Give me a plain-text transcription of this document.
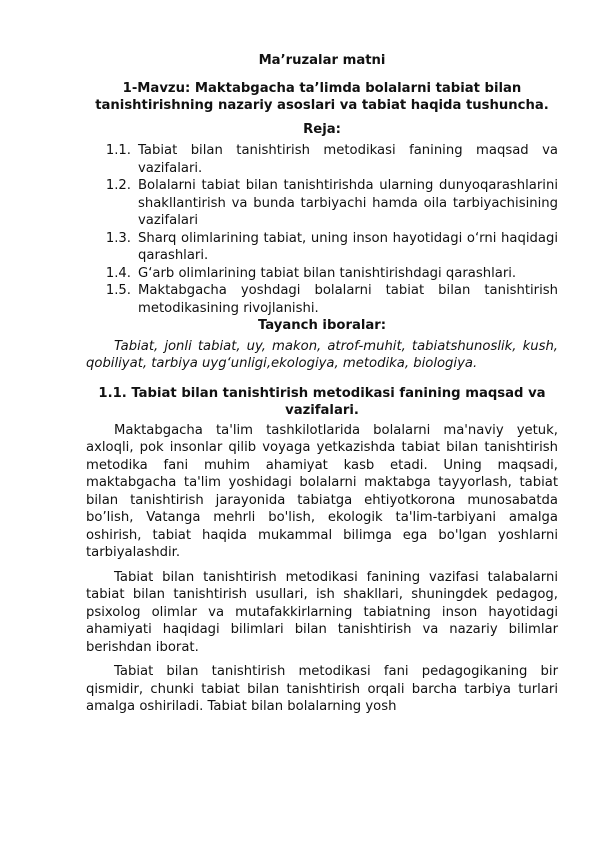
Ma’ruzalar matni
1-Mavzu: Maktabgacha ta’limda bolalarni tabiat bilan tanishtirishning nazariy asoslari va tabiat haqida tushuncha.
Reja:
1.1. Tabiat bilan tanishtirish metodikasi fanining maqsad va vazifalari.
1.2. Bolalarni tabiat bilan tanishtirishda ularning dunyoqarashlarini shakllantirish va bunda tarbiyachi hamda oila tarbiyachisining vazifalari
1.3. Sharq olimlarining tabiat, uning inson hayotidagi o‘rni haqidagi qarashlari.
1.4. G‘arb olimlarining tabiat bilan tanishtirishdagi qarashlari.
1.5. Maktabgacha yoshdagi bolalarni tabiat bilan tanishtirish metodikasining rivojlanishi.
Tayanch iboralar:

Tabiat, jonli tabiat, uy, makon, atrof-muhit, tabiatshunoslik, kush, qobiliyat, tarbiya uyg‘unligi,ekologiya, metodika, biologiya.

1.1. Tabiat bilan tanishtirish metodikasi fanining maqsad va vazifalari.

Maktabgacha ta'lim tashkilotlarida bolalarni ma'naviy yetuk, axloqli, pok insonlar qilib voyaga yetkazishda tabiat bilan tanishtirish metodika fani muhim ahamiyat kasb etadi. Uning maqsadi, maktabgacha ta'lim yoshidagi bolalarni maktabga tayyorlash, tabiat bilan tanishtirish jarayonida tabiatga ehtiyotkorona munosabatda bo’lish, Vatanga mehrli bo'lish, ekologik ta'lim-tarbiyani amalga oshirish, tabiat haqida mukammal bilimga ega bo'lgan yoshlarni tarbiyalashdir.

Tabiat bilan tanishtirish metodikasi fanining vazifasi talabalarni tabiat bilan tanishtirish usullari, ish shakllari, shuningdek pedagog, psixolog olimlar va mutafakkirlarning tabiatning inson hayotidagi ahamiyati haqidagi bilimlari bilan tanishtirish va nazariy bilimlar berishdan iborat.

Tabiat bilan tanishtirish metodikasi fani pedagogikaning bir qismidir, chunki tabiat bilan tanishtirish orqali barcha tarbiya turlari amalga oshiriladi. Tabiat bilan bolalarning yosh
